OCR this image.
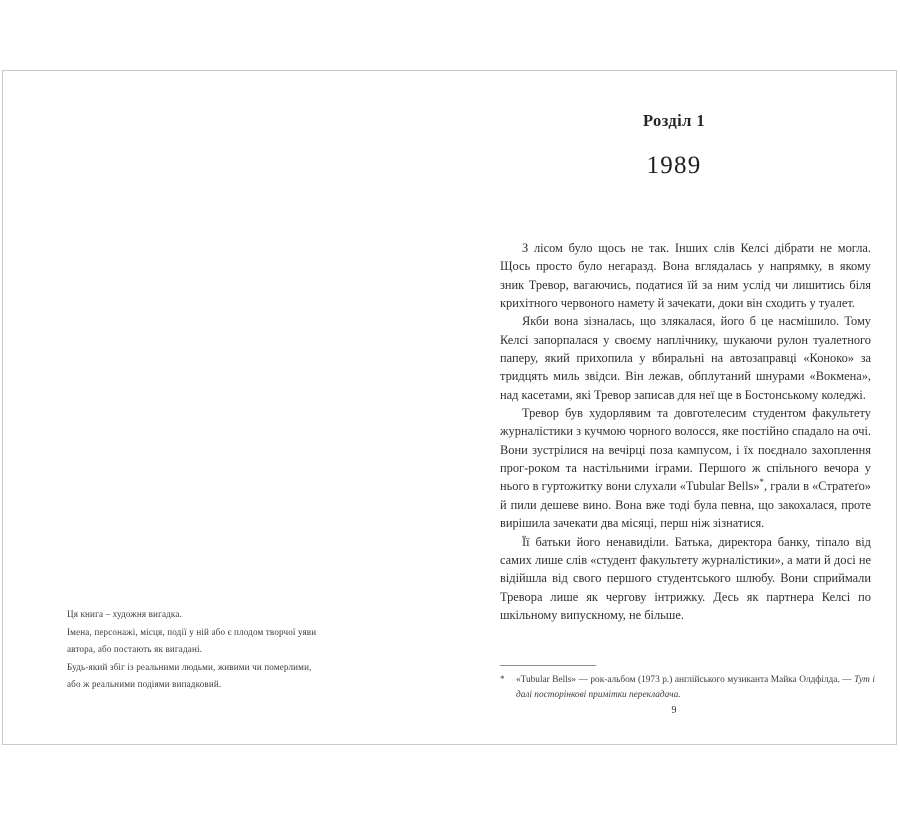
Ця книга – художня вигадка.

Імена, персонажі, місця, події у ній або є плодом творчої уяви

автора, або постають як вигадані.

Будь-який збіг із реальними людьми, живими чи померлими,

або ж реальними подіями випадковий.

Розділ 1

1989

З лісом було щось не так. Інших слів Келсі дібрати не могла. Щось просто було негаразд. Вона вглядалась у напрямку, в якому зник Тревор, вагаючись, податися їй за ним услід чи лишитись біля крихітного червоного намету й зачекати, доки він сходить у туалет.

Якби вона зізналась, що злякалася, його б це насмішило. Тому Келсі запорпалася у своєму наплічнику, шукаючи рулон туалетного паперу, який прихопила у вбиральні на автозаправці «Коноко» за тридцять миль звідси. Він лежав, обплутаний шнурами «Вокмена», над касетами, які Тревор записав для неї ще в Бостонському коледжі.

Тревор був худорлявим та довготелесим студентом факультету журналістики з кучмою чорного волосся, яке постійно спадало на очі. Вони зустрілися на вечірці поза кампусом, і їх поєднало захоплення прог-роком та настільними іграми. Першого ж спільного вечора у нього в гуртожитку вони слухали «Tubular Bells»*, грали в «Стратеґо» й пили дешеве вино. Вона вже тоді була певна, що закохалася, проте вирішила зачекати два місяці, перш ніж зізнатися.

Її батьки його ненавиділи. Батька, директора банку, тіпало від самих лише слів «студент факультету журналістики», а мати й досі не відійшла від свого першого студентського шлюбу. Вони сприймали Тревора лише як чергову інтрижку. Десь як партнера Келсі по шкільному випускному, не більше.

* «Tubular Bells» — рок-альбом (1973 р.) англійського музиканта Майка Олдфілда. — Тут і далі посторінкові примітки перекладача.
9
